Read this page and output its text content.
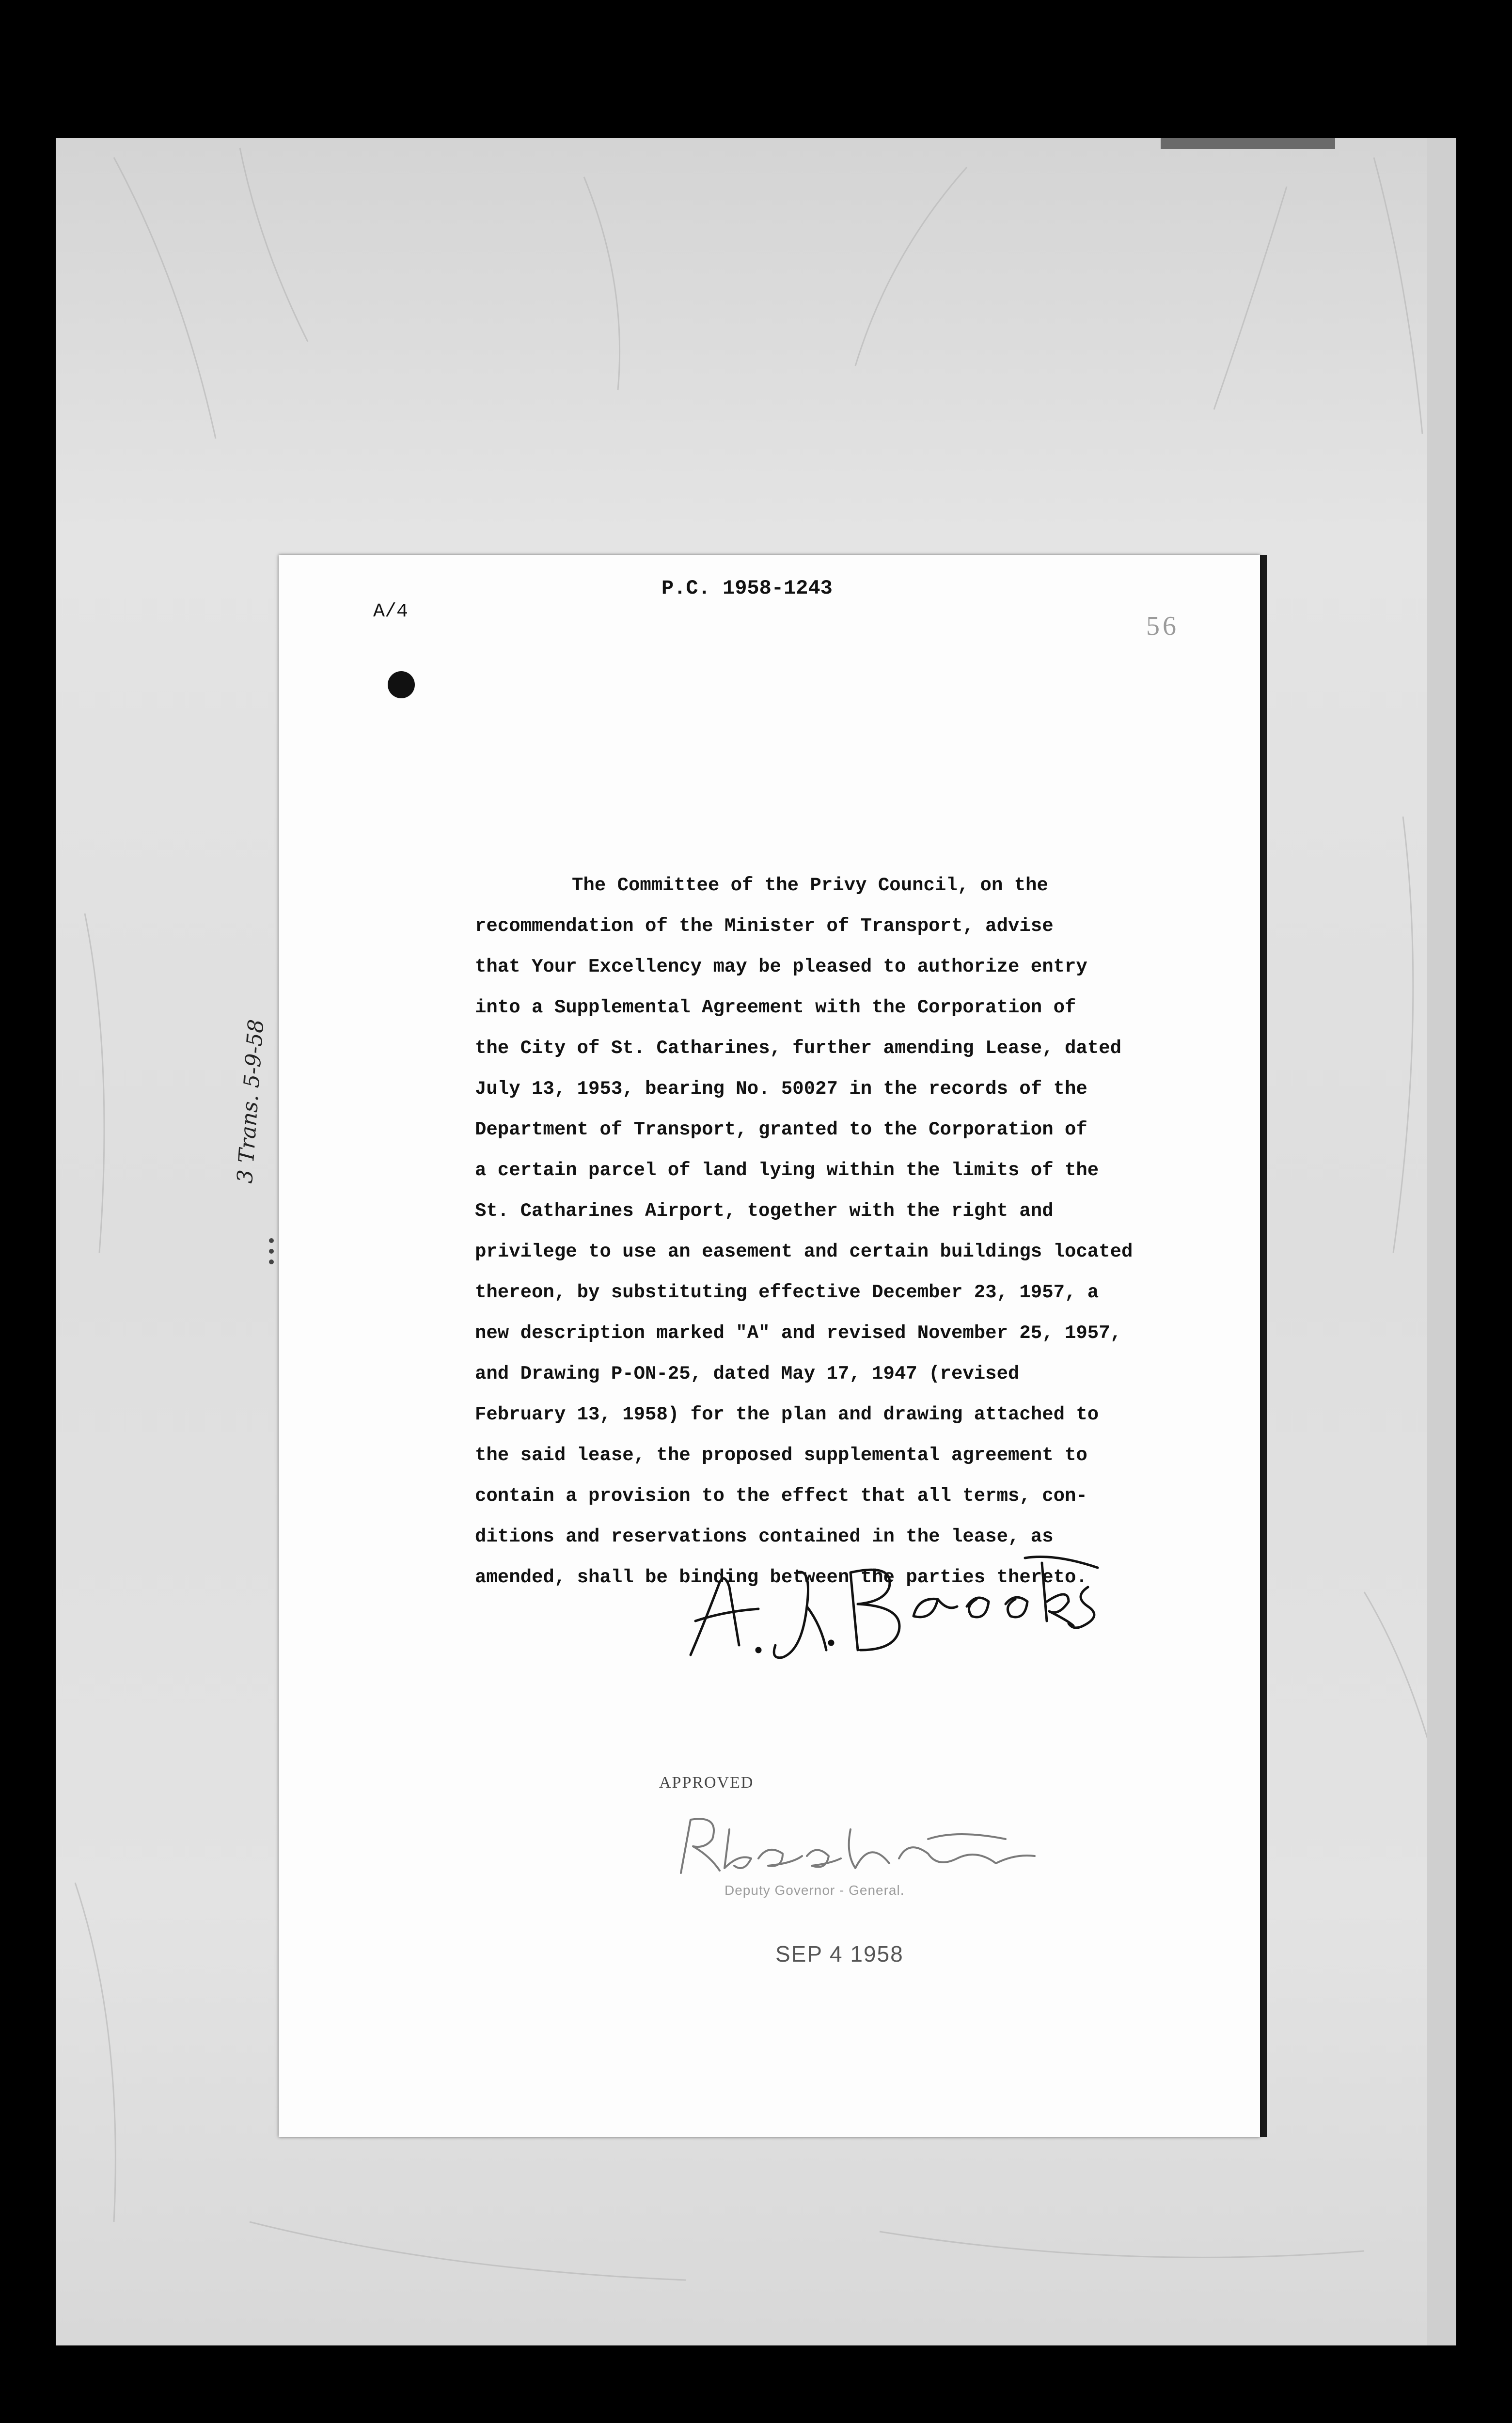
A/4
P.C. 1958-1243
56
The Committee of the Privy Council, on the
recommendation of the Minister of Transport, advise
that Your Excellency may be pleased to authorize entry
into a Supplemental Agreement with the Corporation of
the City of St. Catharines, further amending Lease, dated
July 13, 1953, bearing No. 50027 in the records of the
Department of Transport, granted to the Corporation of
a certain parcel of land lying within the limits of the
St. Catharines Airport, together with the right and
privilege to use an easement and certain buildings located
thereon, by substituting effective December 23, 1957, a
new description marked "A" and revised November 25, 1957,
and Drawing P-ON-25, dated May 17, 1947 (revised
February 13, 1958) for the plan and drawing attached to
the said lease, the proposed supplemental agreement to
contain a provision to the effect that all terms, con-
ditions and reservations contained in the lease, as
amended, shall be binding between the parties thereto.
APPROVED
Deputy Governor - General.
SEP 4 1958
3 Trans. 5-9-58
